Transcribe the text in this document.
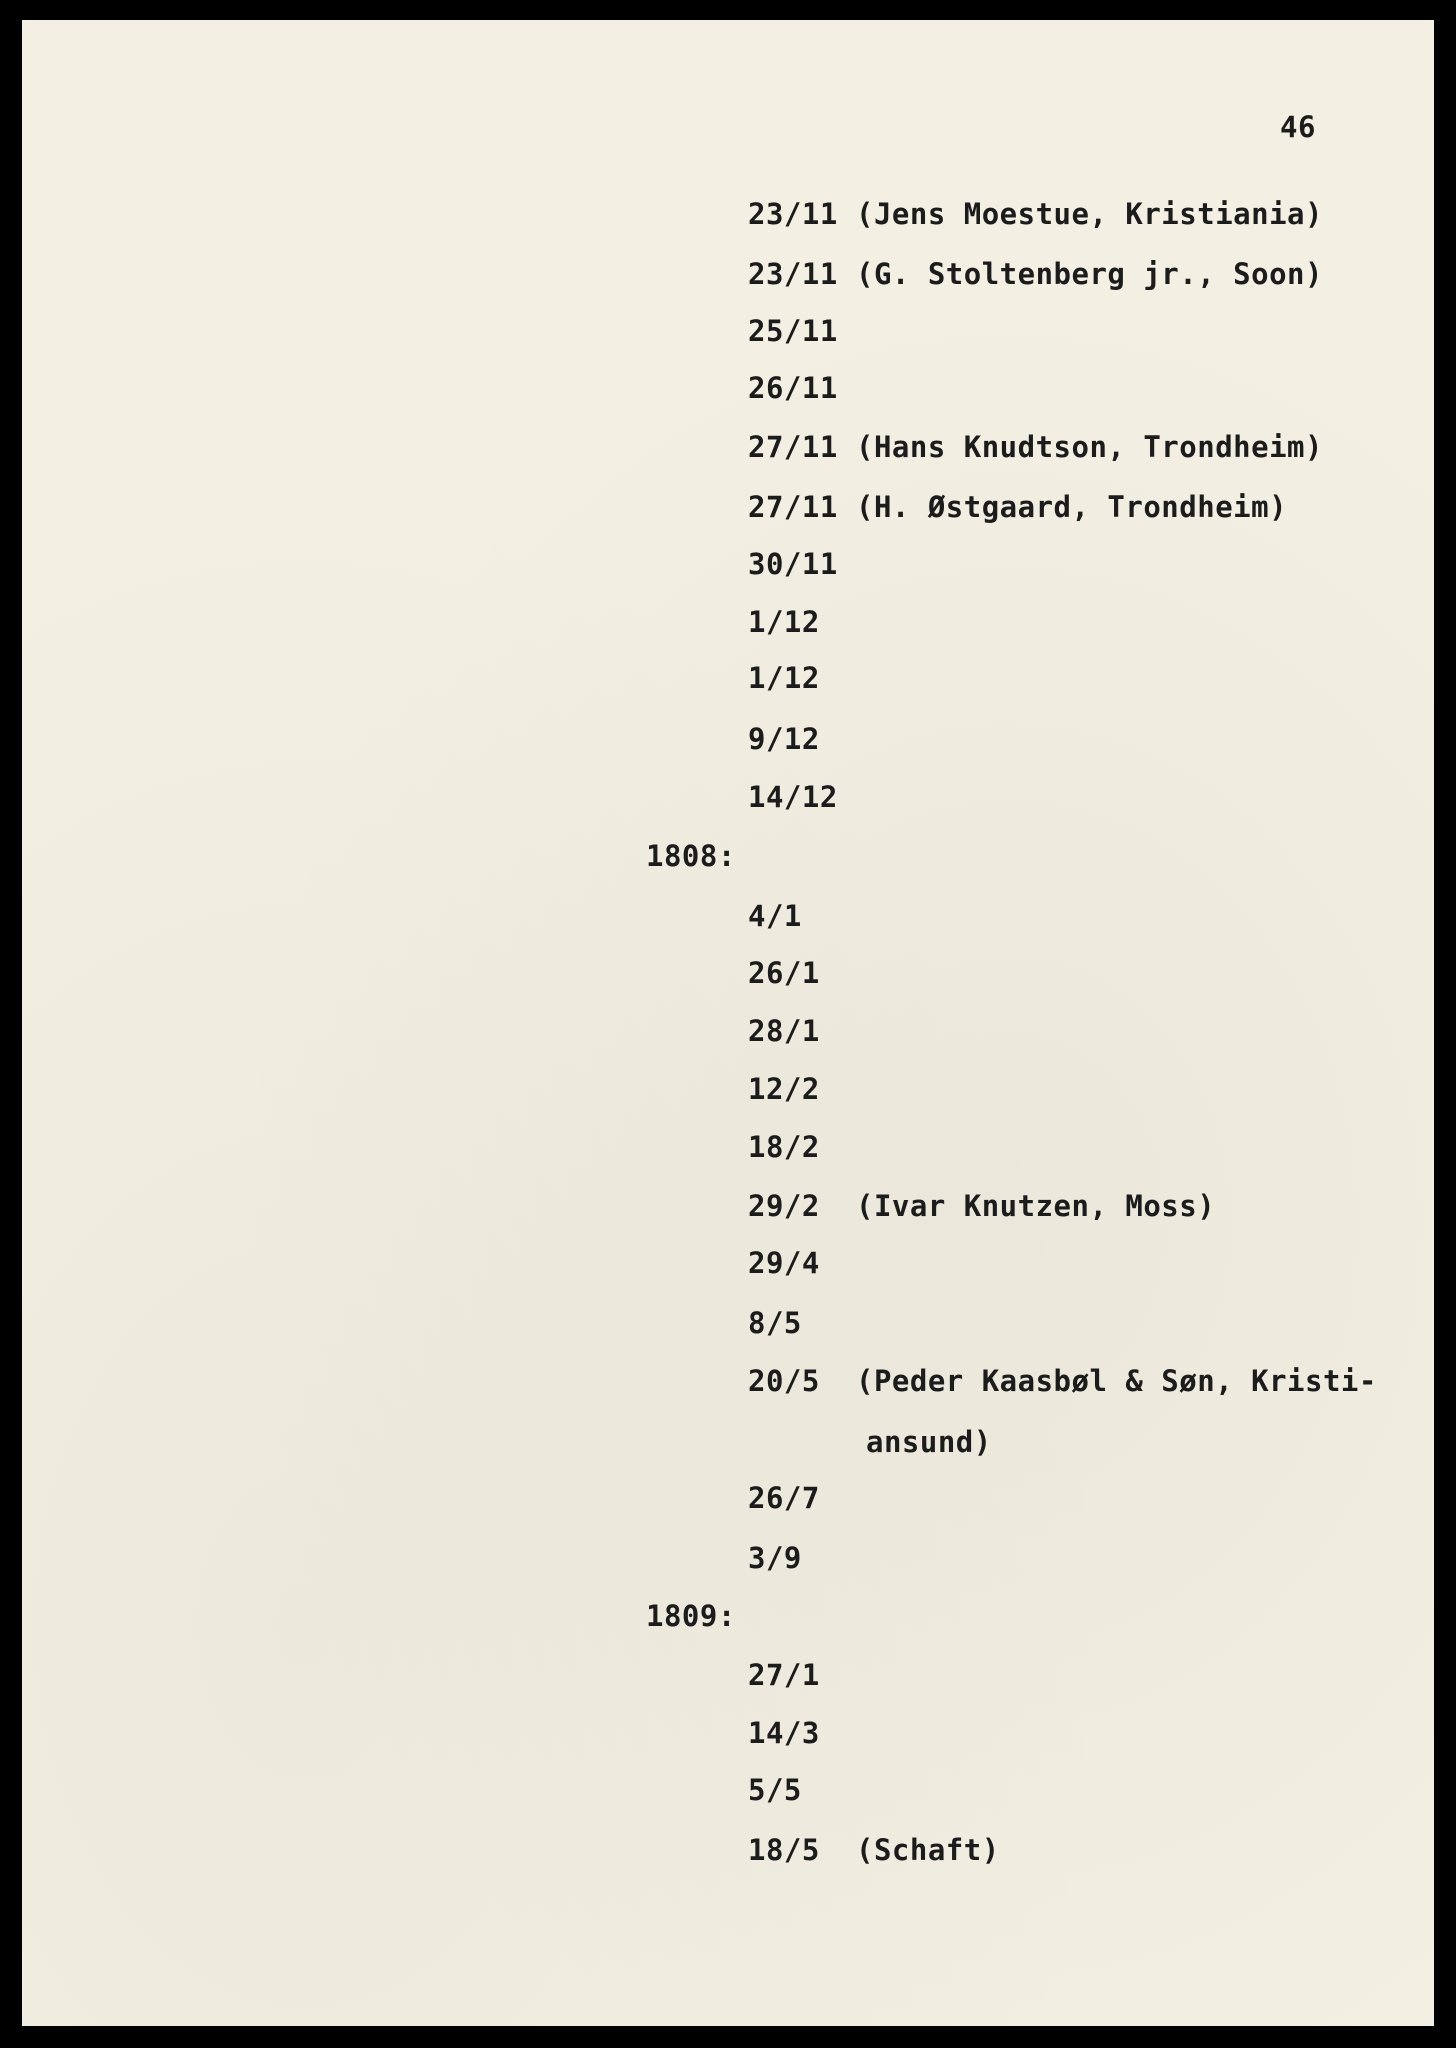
46
23/11 (Jens Moestue, Kristiania)
23/11 (G. Stoltenberg jr., Soon)
25/11
26/11
27/11 (Hans Knudtson, Trondheim)
27/11 (H. Østgaard, Trondheim)
30/11
1/12
1/12
9/12
14/12
1808:
4/1
26/1
28/1
12/2
18/2
29/2 (Ivar Knutzen, Moss)
29/4
8/5
20/5 (Peder Kaasbøl & Søn, Kristi-
ansund)
26/7
3/9
1809:
27/1
14/3
5/5
18/5 (Schaft)
